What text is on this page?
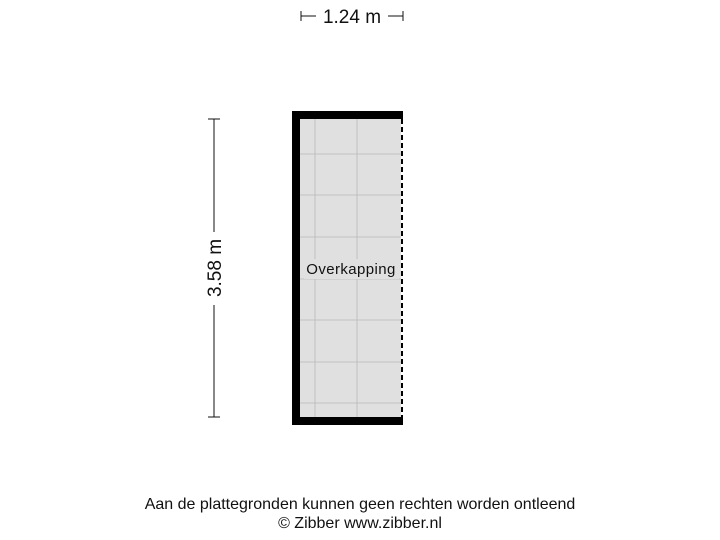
1.24 m
3.58 m	Overkapping
Aan de plattegronden kunnen geen rechten worden ontleend
© Zibber www.zibber.nl
